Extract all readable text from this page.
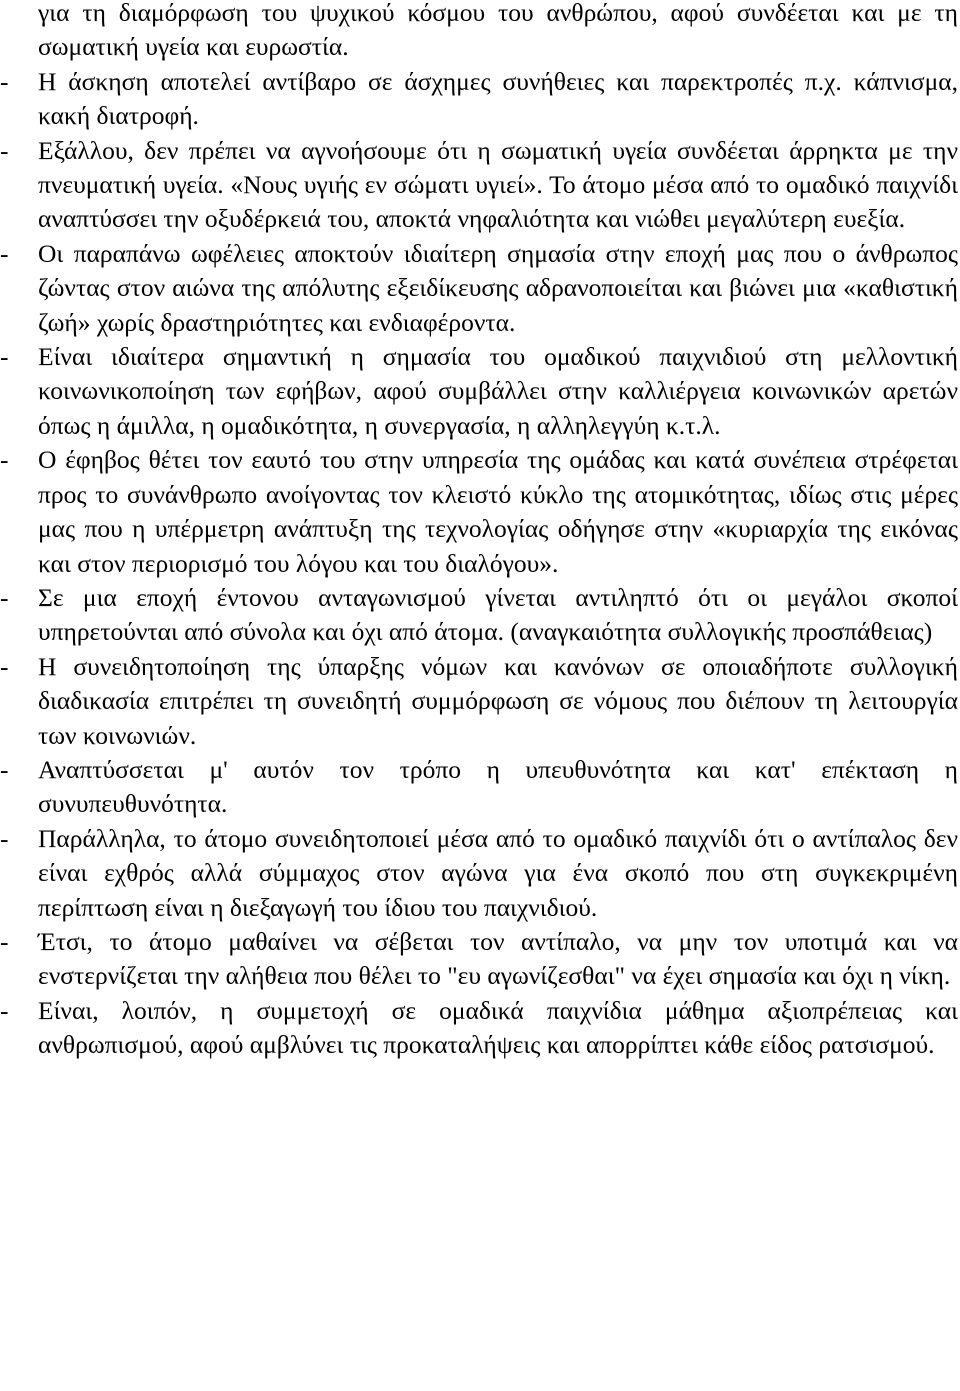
για τη διαμόρφωση του ψυχικού κόσμου του ανθρώπου, αφού συνδέεται και με τη σωματική υγεία και ευρωστία.
- Η άσκηση αποτελεί αντίβαρο σε άσχημες συνήθειες και παρεκτροπές π.χ. κάπνισμα, κακή διατροφή.
- Εξάλλου, δεν πρέπει να αγνοήσουμε ότι η σωματική υγεία συνδέεται άρρηκτα με την πνευματική υγεία. «Νους υγιής εν σώματι υγιεί». Το άτομο μέσα από το ομαδικό παιχνίδι αναπτύσσει την οξυδέρκειά του, αποκτά νηφαλιότητα και νιώθει μεγαλύτερη ευεξία.
- Οι παραπάνω ωφέλειες αποκτούν ιδιαίτερη σημασία στην εποχή μας που ο άνθρωπος ζώντας στον αιώνα της απόλυτης εξειδίκευσης αδρανοποιείται και βιώνει μια «καθιστική ζωή» χωρίς δραστηριότητες και ενδιαφέροντα.
- Είναι ιδιαίτερα σημαντική η σημασία του ομαδικού παιχνιδιού στη μελλοντική κοινωνικοποίηση των εφήβων, αφού συμβάλλει στην καλλιέργεια κοινωνικών αρετών όπως η άμιλλα, η ομαδικότητα, η συνεργασία, η αλληλεγγύη κ.τ.λ.
- Ο έφηβος θέτει τον εαυτό του στην υπηρεσία της ομάδας και κατά συνέπεια στρέφεται προς το συνάνθρωπο ανοίγοντας τον κλειστό κύκλο της ατομικότητας, ιδίως στις μέρες μας που η υπέρμετρη ανάπτυξη της τεχνολογίας οδήγησε στην «κυριαρχία της εικόνας και στον περιορισμό του λόγου και του διαλόγου».
- Σε μια εποχή έντονου ανταγωνισμού γίνεται αντιληπτό ότι οι μεγάλοι σκοποί υπηρετούνται από σύνολα και όχι από άτομα. (αναγκαιότητα συλλογικής προσπάθειας)
- Η συνειδητοποίηση της ύπαρξης νόμων και κανόνων σε οποιαδήποτε συλλογική διαδικασία επιτρέπει τη συνειδητή συμμόρφωση σε νόμους που διέπουν τη λειτουργία των κοινωνιών.
- Αναπτύσσεται μ' αυτόν τον τρόπο η υπευθυνότητα και κατ' επέκταση η συνυπευθυνότητα.
- Παράλληλα, το άτομο συνειδητοποιεί μέσα από το ομαδικό παιχνίδι ότι ο αντίπαλος δεν είναι εχθρός αλλά σύμμαχος στον αγώνα για ένα σκοπό που στη συγκεκριμένη περίπτωση είναι η διεξαγωγή του ίδιου του παιχνιδιού.
- Έτσι, το άτομο μαθαίνει να σέβεται τον αντίπαλο, να μην τον υποτιμά και να ενστερνίζεται την αλήθεια που θέλει το "ευ αγωνίζεσθαι" να έχει σημασία και όχι η νίκη.
- Είναι, λοιπόν, η συμμετοχή σε ομαδικά παιχνίδια μάθημα αξιοπρέπειας και ανθρωπισμού, αφού αμβλύνει τις προκαταλήψεις και απορρίπτει κάθε είδος ρατσισμού.
